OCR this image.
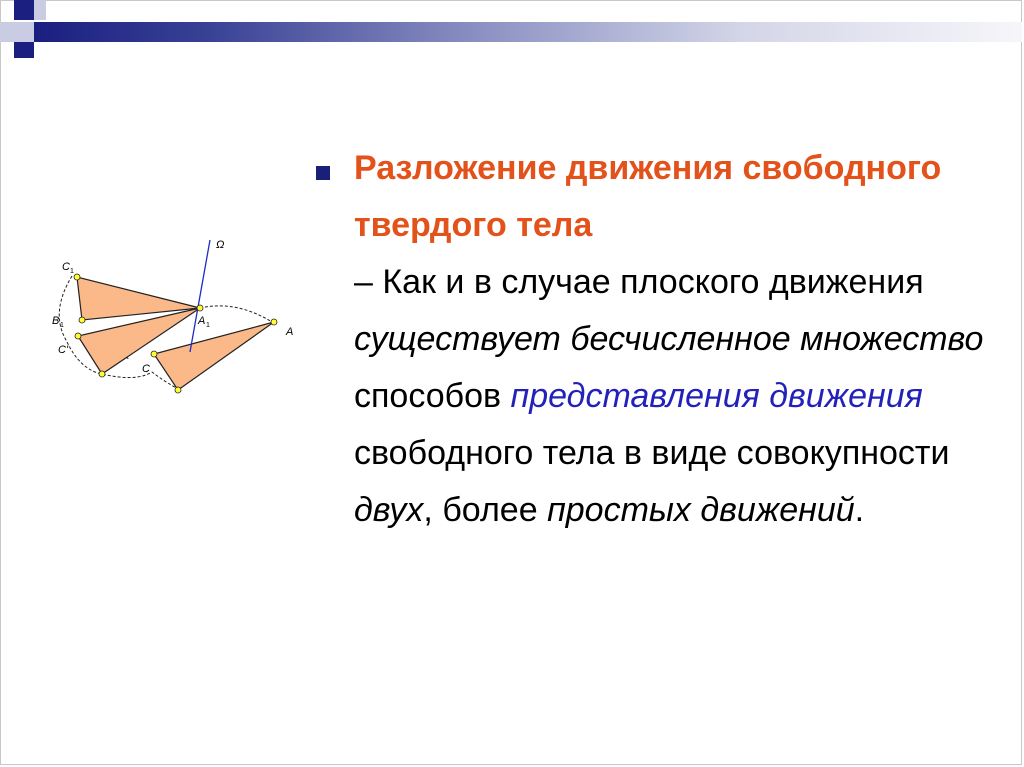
Ω
C 1
B 1
C'
A 1
A
C
Разложение движения свободного твердого тела
– Как и в случае плоского движения существует бесчисленное множество способов представления движения свободного тела в виде совокупности двух, более простых движений.
